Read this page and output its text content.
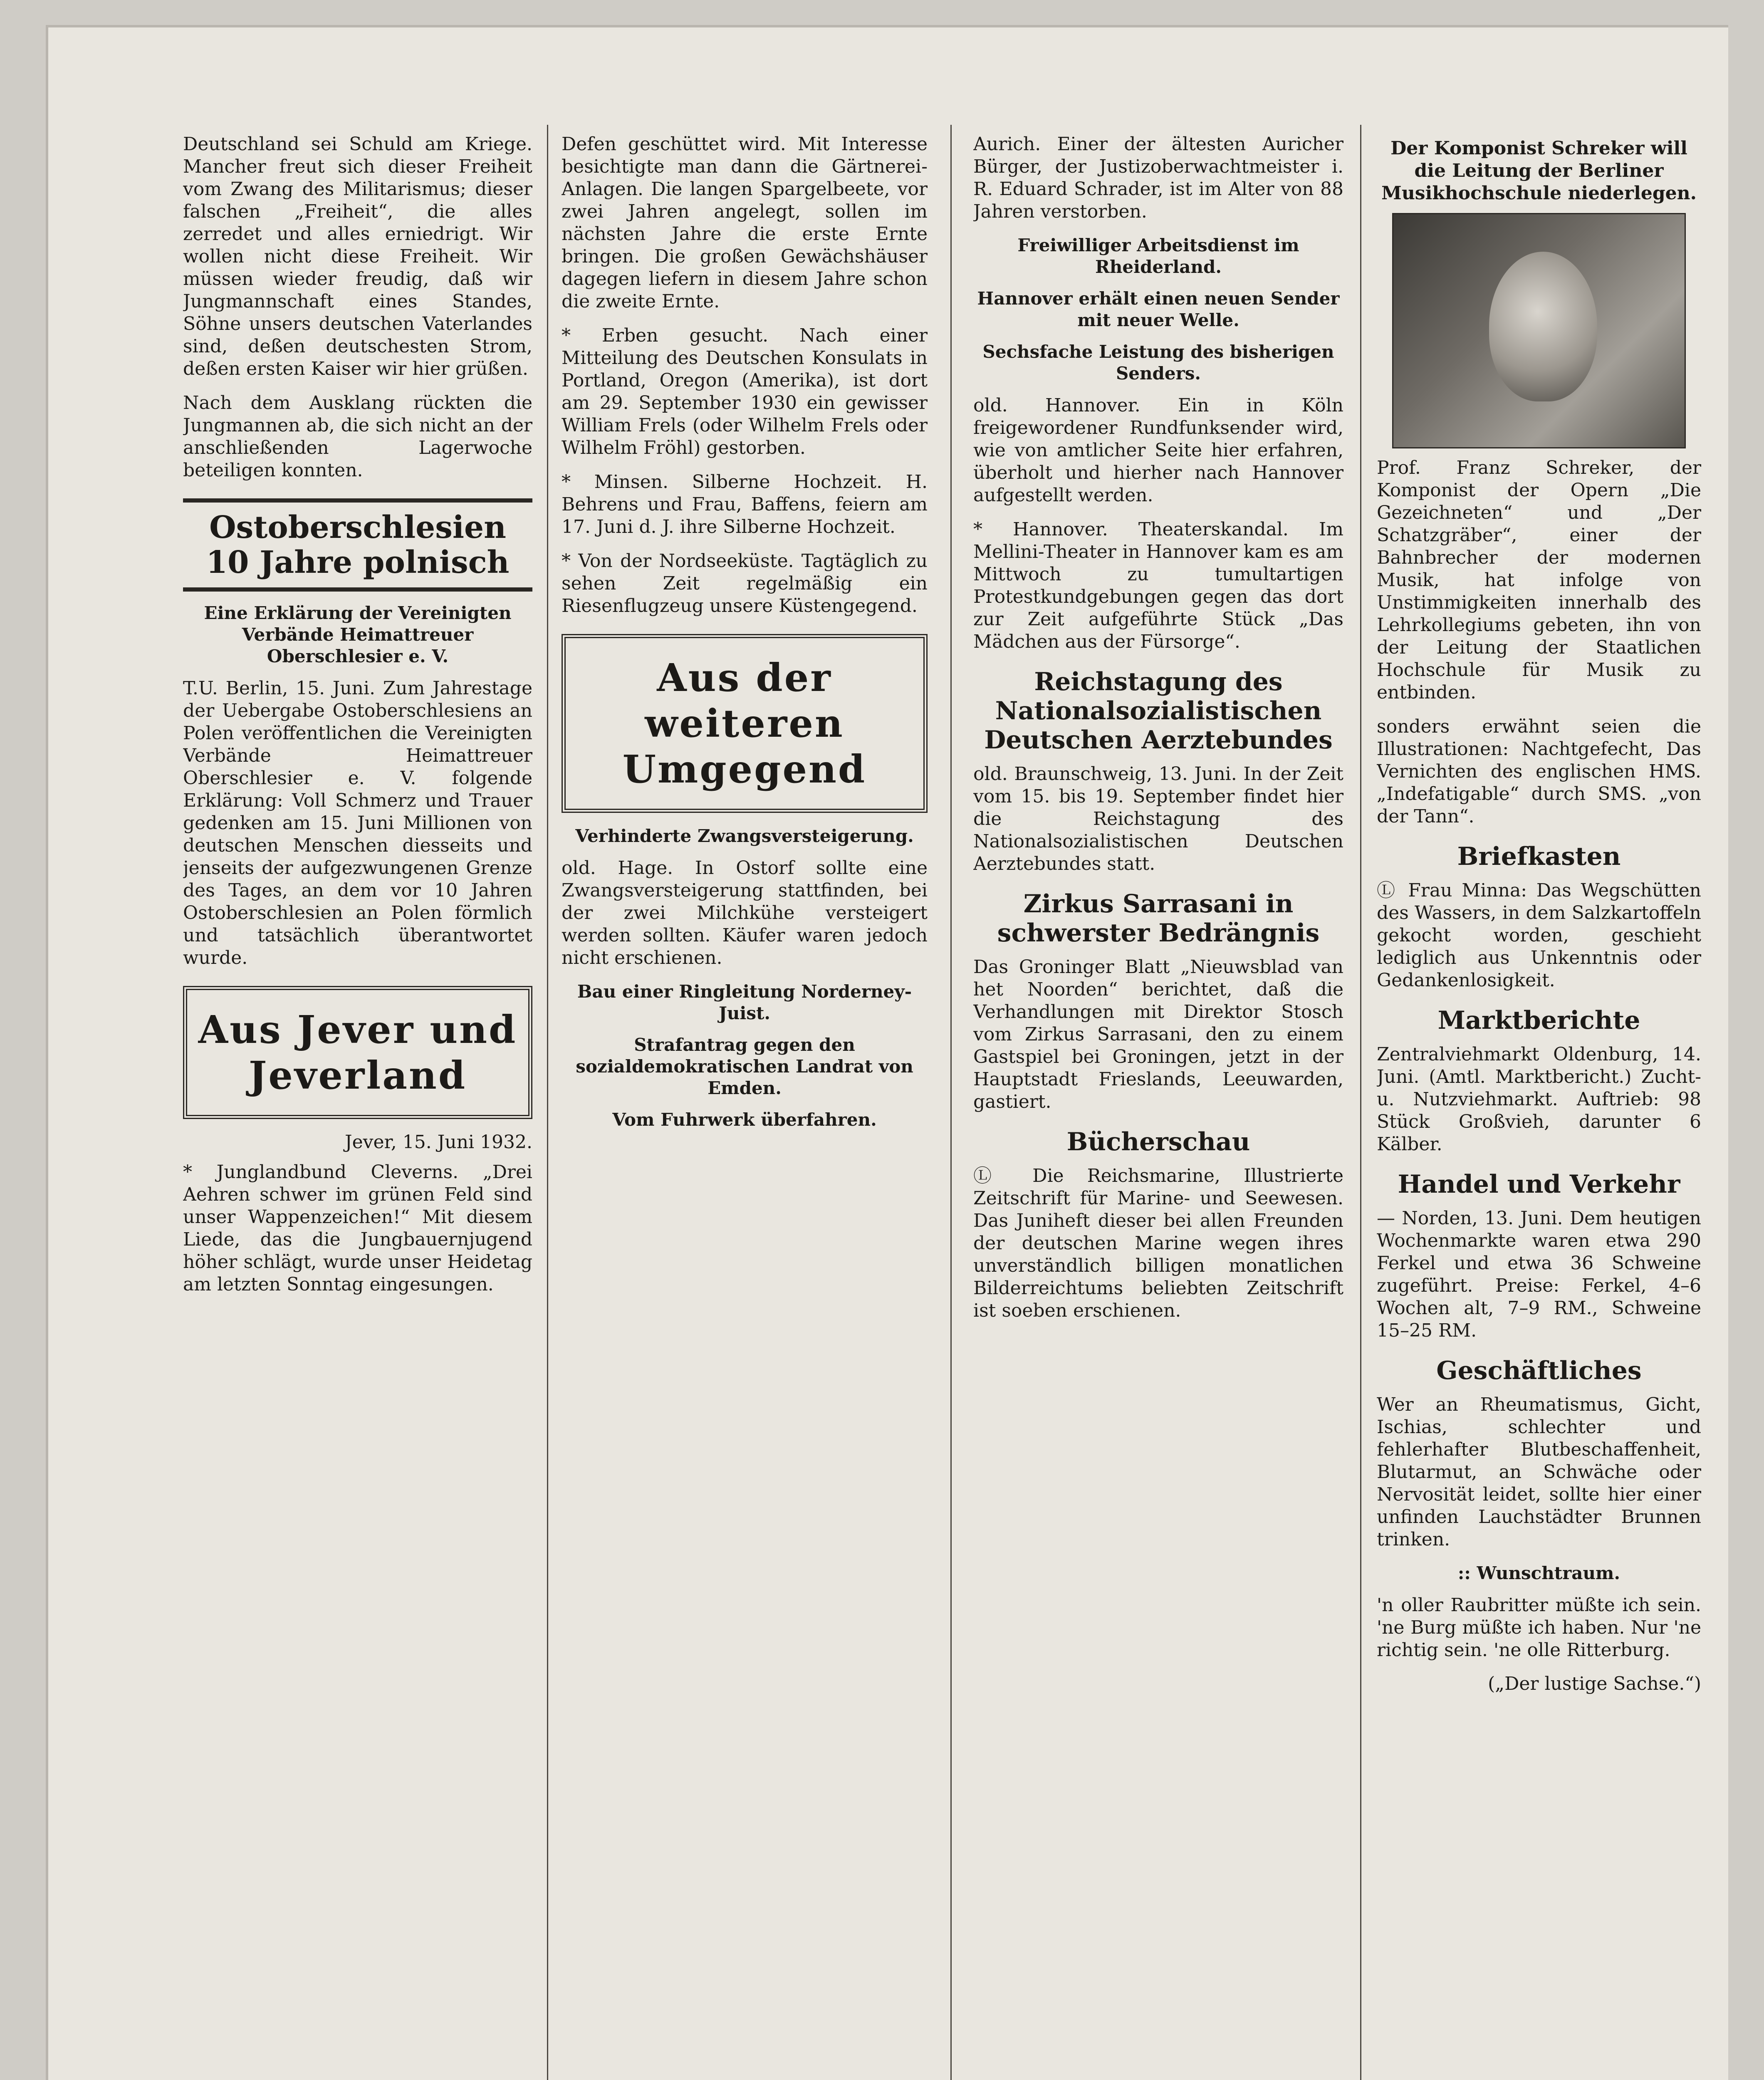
Deutschland sei Schuld am Kriege. Mancher freut sich dieser Freiheit vom Zwang des Militarismus; dieser falschen „Freiheit“, die alles zerredet und alles erniedrigt. Wir wollen nicht diese Freiheit. Wir müssen wieder freudig, daß wir Jungmannschaft eines Standes, Söhne unsers deutschen Vaterlandes sind, deßen deutschesten Strom, deßen ersten Kaiser wir hier grüßen.

Nach dem Ausklang rückten die Jungmannen ab, die sich nicht an der anschließenden Lagerwoche beteiligen konnten.

Ostoberschlesien 10 Jahre polnisch
Eine Erklärung der Vereinigten Verbände Heimattreuer Oberschlesier e. V.

T.U. Berlin, 15. Juni. Zum Jahrestage der Uebergabe Ostoberschlesiens an Polen veröffentlichen die Vereinigten Verbände Heimattreuer Oberschlesier e. V. folgende Erklärung: Voll Schmerz und Trauer gedenken am 15. Juni Millionen von deutschen Menschen diesseits und jenseits der aufgezwungenen Grenze des Tages, an dem vor 10 Jahren Ostoberschlesien an Polen förmlich und tatsächlich überantwortet wurde.

Aus Jever und Jeverland
Jever, 15. Juni 1932.

* Junglandbund Cleverns. „Drei Aehren schwer im grünen Feld sind unser Wappenzeichen!“ Mit diesem Liede, das die Jungbauernjugend höher schlägt, wurde unser Heidetag am letzten Sonntag eingesungen.

Defen geschüttet wird. Mit Interesse besichtigte man dann die Gärtnerei-Anlagen. Die langen Spargelbeete, vor zwei Jahren angelegt, sollen im nächsten Jahre die erste Ernte bringen. Die großen Gewächshäuser dagegen liefern in diesem Jahre schon die zweite Ernte.

* Erben gesucht. Nach einer Mitteilung des Deutschen Konsulats in Portland, Oregon (Amerika), ist dort am 29. September 1930 ein gewisser William Frels (oder Wilhelm Frels oder Wilhelm Fröhl) gestorben.

* Minsen. Silberne Hochzeit. H. Behrens und Frau, Baffens, feiern am 17. Juni d. J. ihre Silberne Hochzeit.

* Von der Nordseeküste. Tagtäglich zu sehen Zeit regelmäßig ein Riesenflugzeug unsere Küstengegend.

Aus der weiteren Umgegend
Verhinderte Zwangsversteigerung.

old. Hage. In Ostorf sollte eine Zwangsversteigerung stattfinden, bei der zwei Milchkühe versteigert werden sollten. Käufer waren jedoch nicht erschienen.

Bau einer Ringleitung Norderney-Juist.
Strafantrag gegen den sozialdemokratischen Landrat von Emden.
Vom Fuhrwerk überfahren.

Aurich. Einer der ältesten Auricher Bürger, der Justizoberwachtmeister i. R. Eduard Schrader, ist im Alter von 88 Jahren verstorben.

Freiwilliger Arbeitsdienst im Rheiderland.
Hannover erhält einen neuen Sender mit neuer Welle.
Sechsfache Leistung des bisherigen Senders.

old. Hannover. Ein in Köln freigewordener Rundfunksender wird, wie von amtlicher Seite hier erfahren, überholt und hierher nach Hannover aufgestellt werden.

* Hannover. Theaterskandal. Im Mellini-Theater in Hannover kam es am Mittwoch zu tumultartigen Protestkundgebungen gegen das dort zur Zeit aufgeführte Stück „Das Mädchen aus der Fürsorge“.

Reichstagung des Nationalsozialistischen Deutschen Aerztebundes

old. Braunschweig, 13. Juni. In der Zeit vom 15. bis 19. September findet hier die Reichstagung des Nationalsozialistischen Deutschen Aerztebundes statt.

Zirkus Sarrasani in schwerster Bedrängnis

Das Groninger Blatt „Nieuwsblad van het Noorden“ berichtet, daß die Verhandlungen mit Direktor Stosch vom Zirkus Sarrasani, den zu einem Gastspiel bei Groningen, jetzt in der Hauptstadt Frieslands, Leeuwarden, gastiert.

Bücherschau

Ⓛ Die Reichsmarine, Illustrierte Zeitschrift für Marine- und Seewesen. Das Juniheft dieser bei allen Freunden der deutschen Marine wegen ihres unverständlich billigen monatlichen Bilderreichtums beliebten Zeitschrift ist soeben erschienen.

Der Komponist Schreker will die Leitung der Berliner Musikhochschule niederlegen.

Prof. Franz Schreker, der Komponist der Opern „Die Gezeichneten“ und „Der Schatzgräber“, einer der Bahnbrecher der modernen Musik, hat infolge von Unstimmigkeiten innerhalb des Lehrkollegiums gebeten, ihn von der Leitung der Staatlichen Hochschule für Musik zu entbinden.

sonders erwähnt seien die Illustrationen: Nachtgefecht, Das Vernichten des englischen HMS. „Indefatigable“ durch SMS. „von der Tann“.

Briefkasten

Ⓛ Frau Minna: Das Wegschütten des Wassers, in dem Salzkartoffeln gekocht worden, geschieht lediglich aus Unkenntnis oder Gedankenlosigkeit.

Marktberichte

Zentralviehmarkt Oldenburg, 14. Juni. (Amtl. Marktbericht.) Zucht- u. Nutzviehmarkt. Auftrieb: 98 Stück Großvieh, darunter 6 Kälber.

Handel und Verkehr

— Norden, 13. Juni. Dem heutigen Wochenmarkte waren etwa 290 Ferkel und etwa 36 Schweine zugeführt. Preise: Ferkel, 4–6 Wochen alt, 7–9 RM., Schweine 15–25 RM.

Geschäftliches

Wer an Rheumatismus, Gicht, Ischias, schlechter und fehlerhafter Blutbeschaffenheit, Blutarmut, an Schwäche oder Nervosität leidet, sollte hier einer unfinden Lauchstädter Brunnen trinken.

:: Wunschtraum.

'n oller Raubritter müßte ich sein. 'ne Burg müßte ich haben. Nur 'ne richtig sein. 'ne olle Ritterburg.

(„Der lustige Sachse.“)
